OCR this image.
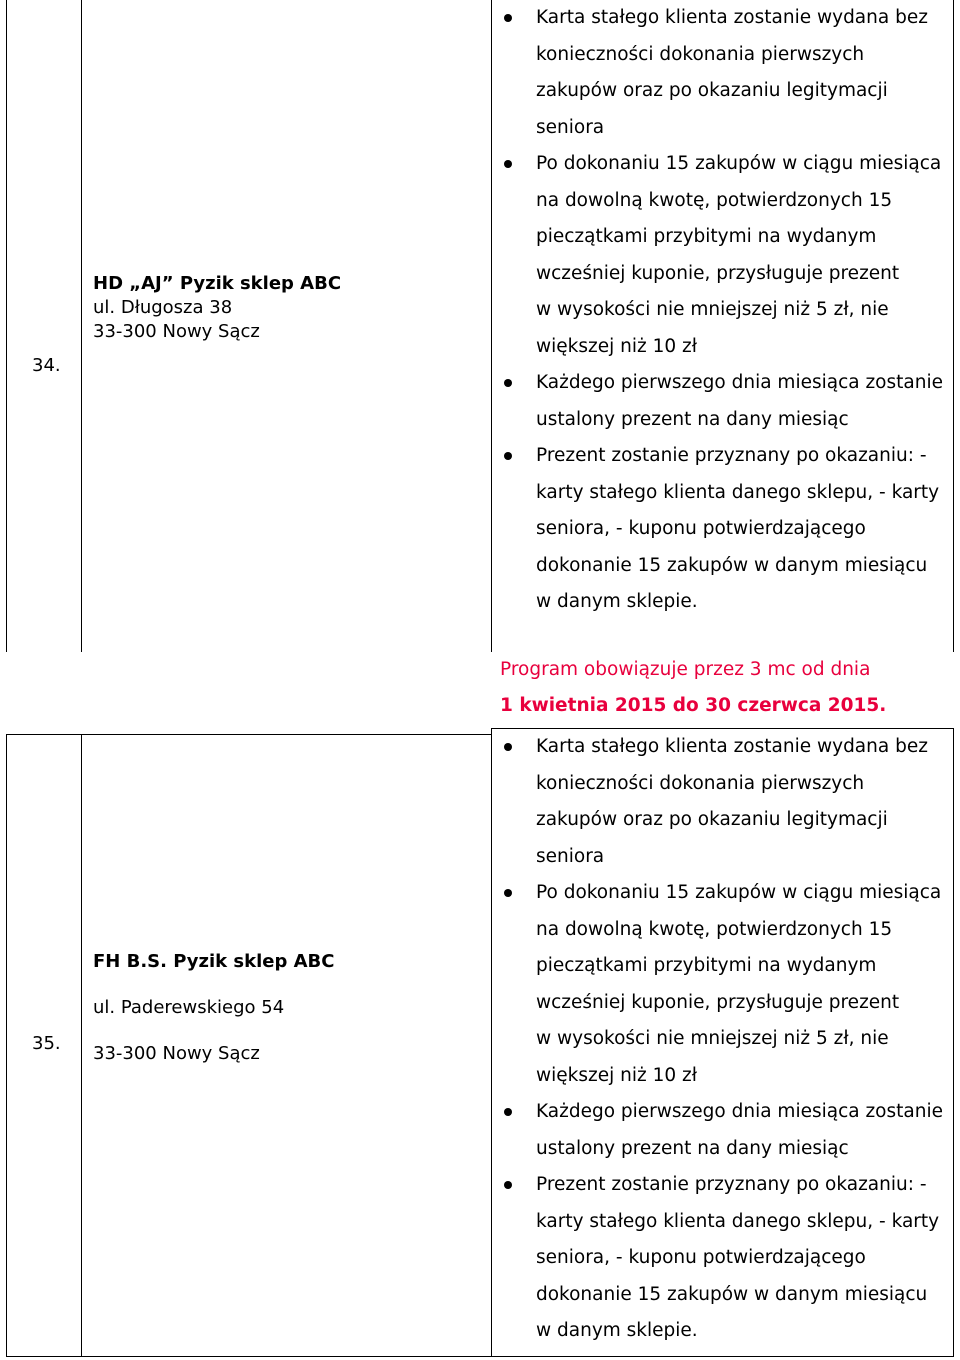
34.
HD „AJ” Pyzik sklep ABC
ul. Długosza 38
33-300 Nowy Sącz
Karta stałego klienta zostanie wydana bez
konieczności dokonania pierwszych
zakupów oraz po okazaniu legitymacji
seniora
Po dokonaniu 15 zakupów w ciągu miesiąca
na dowolną kwotę, potwierdzonych 15
pieczątkami przybitymi na wydanym
wcześniej kuponie, przysługuje prezent
w wysokości nie mniejszej niż 5 zł, nie
większej niż 10 zł
Każdego pierwszego dnia miesiąca zostanie
ustalony prezent na dany miesiąc
Prezent zostanie przyznany po okazaniu: -
karty stałego klienta danego sklepu, - karty
seniora, - kuponu potwierdzającego
dokonanie 15 zakupów w danym miesiącu
w danym sklepie.
Program obowiązuje przez 3 mc od dnia
1 kwietnia 2015 do 30 czerwca 2015.
35.
FH B.S. Pyzik sklep ABC
ul. Paderewskiego 54
33-300 Nowy Sącz
Karta stałego klienta zostanie wydana bez
konieczności dokonania pierwszych
zakupów oraz po okazaniu legitymacji
seniora
Po dokonaniu 15 zakupów w ciągu miesiąca
na dowolną kwotę, potwierdzonych 15
pieczątkami przybitymi na wydanym
wcześniej kuponie, przysługuje prezent
w wysokości nie mniejszej niż 5 zł, nie
większej niż 10 zł
Każdego pierwszego dnia miesiąca zostanie
ustalony prezent na dany miesiąc
Prezent zostanie przyznany po okazaniu: -
karty stałego klienta danego sklepu, - karty
seniora, - kuponu potwierdzającego
dokonanie 15 zakupów w danym miesiącu
w danym sklepie.
